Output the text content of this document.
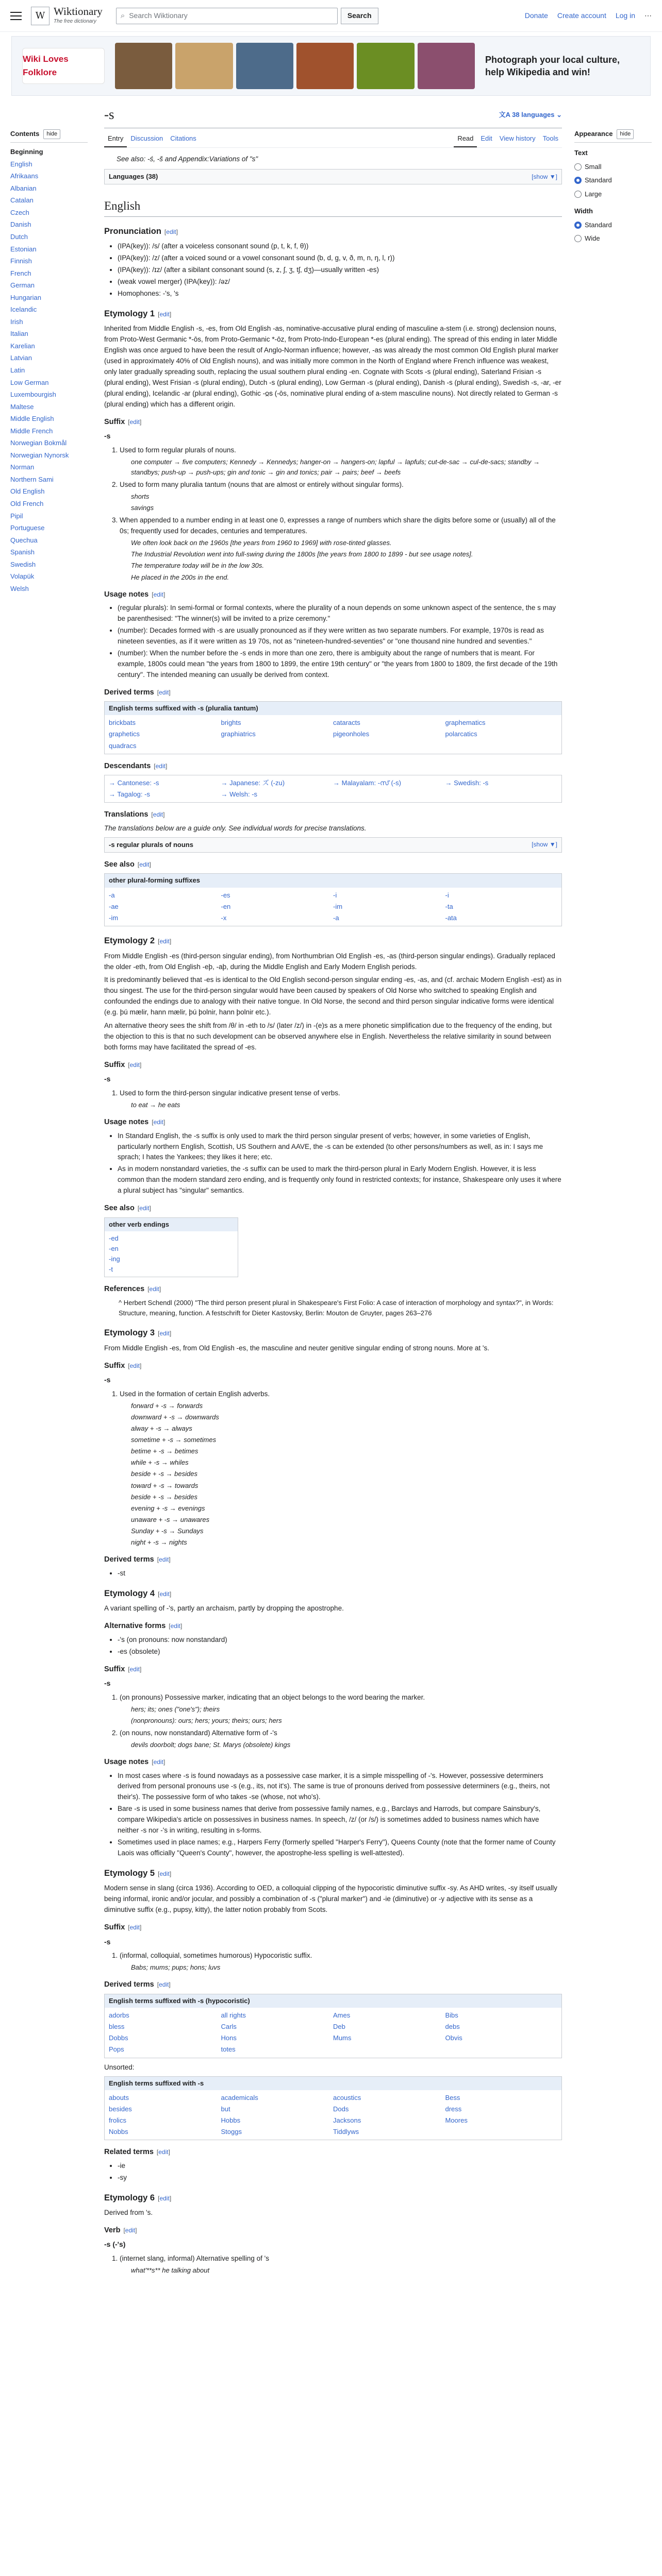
W Wiktionary
The free dictionary
⌕ Search Wiktionary	Search	Donate Create account Log in ⋯
Wiki Loves Folklore
Photograph your local culture, help Wikipedia and win!
Contents	hide
Beginning
English
Afrikaans
Albanian
Catalan
Czech
Danish
Dutch
Estonian
Finnish
French
German
Hungarian
Icelandic
Irish
Italian
Karelian
Latvian
Latin
Low German
Luxembourgish
Maltese
Middle English
Middle French
Norwegian Bokmål
Norwegian Nynorsk
Norman
Northern Sami
Old English
Old French
Pipil
Portuguese
Quechua
Spanish
Swedish
Volapük
Welsh
-s	文A 38 languages ⌄
Entry	Discussion	Citations	Read	Edit	View history	Tools
See also: -ś, -š and Appendix:Variations of "s"
Languages (38)	[show ▼]
English
Pronunciation [edit]
• (IPA(key)): /s/ (after a voiceless consonant sound (p, t, k, f, θ))
• (IPA(key)): /z/ (after a voiced sound or a vowel consonant sound (b, d, ɡ, v, ð, m, n, ŋ, l, r))
• (IPA(key)): /ɪz/ (after a sibilant consonant sound (s, z, ʃ, ʒ, tʃ, dʒ)—usually written -es)
• (weak vowel merger) (IPA(key)): /əz/
• Homophones: -'s, 's
Etymology 1 [edit]

Inherited from Middle English -s, -es, from Old English -as, nominative-accusative plural ending of masculine a-stem (i.e. strong) declension nouns, from Proto-West Germanic *-ōs, from Proto-Germanic *-ōz, from Proto-Indo-European *-es (plural ending). The spread of this ending in later Middle English was once argued to have been the result of Anglo-Norman influence; however, -as was already the most common Old English plural marker (used in approximately 40% of Old English nouns), and was initially more common in the North of England where French influence was weakest, only later gradually spreading south, replacing the usual southern plural ending -en. Cognate with Scots -s (plural ending), Saterland Frisian -s (plural ending), West Frisian -s (plural ending), Dutch -s (plural ending), Low German -s (plural ending), Danish -s (plural ending), Swedish -s, -ar, -er (plural ending), Icelandic -ar (plural ending), Gothic -𐍉𐍃 (-ōs, nominative plural ending of a-stem masculine nouns). Not directly related to German -s (plural ending) which has a different origin.

Suffix [edit]
-s
1. Used to form regular plurals of nouns.
one computer → five computers; Kennedy → Kennedys; hanger-on → hangers-on; lapful → lapfuls; cut-de-sac → cul-de-sacs; standby → standbys; push-up → push-ups; gin and tonic → gin and tonics; pair → pairs; beef → beefs
2. Used to form many pluralia tantum (nouns that are almost or entirely without singular forms).
shorts
savings
3. When appended to a number ending in at least one 0, expresses a range of numbers which share the digits before some or (usually) all of the 0s; frequently used for decades, centuries and temperatures.
We often look back on the 1960s [the years from 1960 to 1969] with rose-tinted glasses.
The Industrial Revolution went into full-swing during the 1800s [the years from 1800 to 1899 - but see usage notes].
The temperature today will be in the low 30s.
He placed in the 200s in the end.
Usage notes [edit]
• (regular plurals): In semi-formal or formal contexts, where the plurality of a noun depends on some unknown aspect of the sentence, the s may be parenthesised: "The winner(s) will be invited to a prize ceremony."
• (number): Decades formed with -s are usually pronounced as if they were written as two separate numbers. For example, 1970s is read as nineteen seventies, as if it were written as 19 70s, not as "nineteen-hundred-seventies" or "one thousand nine hundred and seventies."
• (number): When the number before the -s ends in more than one zero, there is ambiguity about the range of numbers that is meant. For example, 1800s could mean "the years from 1800 to 1899, the entire 19th century" or "the years from 1800 to 1809, the first decade of the 19th century". The intended meaning can usually be derived from context.
Derived terms [edit]
English terms suffixed with -s (pluralia tantum)
brickbats	brights	cataracts	graphematics
graphetics	graphiatrics	pigeonholes	polarcatics
quadracs
Descendants [edit]
→ Cantonese: -s	→ Japanese: ズ (-zu)	→ Malayalam: -സ് (-s)	→ Swedish: -s
→ Tagalog: -s	→ Welsh: -s
Translations [edit]

The translations below are a guide only. See individual words for precise translations.

-s regular plurals of nouns	[show ▼]
See also [edit]
other plural-forming suffixes
-a	-es	-i	-i
-ae	-en	-im	-ta
-im	-x	-a	-ata
Etymology 2 [edit]

From Middle English -es (third-person singular ending), from Northumbrian Old English -es, -as (third-person singular endings). Gradually replaced the older -eth, from Old English -eþ, -aþ, during the Middle English and Early Modern English periods.

It is predominantly believed that -es is identical to the Old English second-person singular ending -es, -as, and (cf. archaic Modern English -est) as in thou singest. The use for the third-person singular would have been caused by speakers of Old Norse who switched to speaking English and confounded the endings due to analogy with their native tongue. In Old Norse, the second and third person singular indicative forms were identical (e.g. þú mælir, hann mælir, þú þolnir, hann þolnir etc.).

An alternative theory sees the shift from /θ/ in -eth to /s/ (later /z/) in -(e)s as a mere phonetic simplification due to the frequency of the ending, but the objection to this is that no such development can be observed anywhere else in English. Nevertheless the relative similarity in sound between both forms may have facilitated the spread of -es.

Suffix [edit]
-s
1. Used to form the third-person singular indicative present tense of verbs.
to eat → he eats
Usage notes [edit]
• In Standard English, the -s suffix is only used to mark the third person singular present of verbs; however, in some varieties of English, particularly northern English, Scottish, US Southern and AAVE, the -s can be extended (to other persons/numbers as well, as in: I says me sprach; I hates the Yankees; they likes it here; etc.
• As in modern nonstandard varieties, the -s suffix can be used to mark the third-person plural in Early Modern English. However, it is less common than the modern standard zero ending, and is frequently only found in restricted contexts; for instance, Shakespeare only uses it where a plural subject has "singular" semantics.
See also [edit]
other verb endings
-ed
-en
-ing
-t
References [edit]

^ Herbert Schendl (2000) "The third person present plural in Shakespeare's First Folio: A case of interaction of morphology and syntax?", in Words: Structure, meaning, function. A festschrift for Dieter Kastovsky, Berlin: Mouton de Gruyter, pages 263–276

Etymology 3 [edit]

From Middle English -es, from Old English -es, the masculine and neuter genitive singular ending of strong nouns. More at 's.

Suffix [edit]
-s
1. Used in the formation of certain English adverbs.
forward + -s → forwards
downward + -s → downwards
alway + -s → always
sometime + -s → sometimes
betime + -s → betimes
while + -s → whiles
beside + -s → besides
toward + -s → towards
beside + -s → besides
evening + -s → evenings
unaware + -s → unawares
Sunday + -s → Sundays
night + -s → nights
Derived terms [edit]
• -st
Etymology 4 [edit]

A variant spelling of -'s, partly an archaism, partly by dropping the apostrophe.

Alternative forms [edit]
• -'s (on pronouns: now nonstandard)
• -es (obsolete)
Suffix [edit]
-s
1. (on pronouns) Possessive marker, indicating that an object belongs to the word bearing the marker.
hers; its; ones ("one's"); theirs
(nonpronouns): ours; hers; yours; theirs; ours; hers
2. (on nouns, now nonstandard) Alternative form of -'s
devils doorbolt; dogs bane; St. Marys (obsolete) kings
Usage notes [edit]
• In most cases where -s is found nowadays as a possessive case marker, it is a simple misspelling of -'s. However, possessive determiners derived from personal pronouns use -s (e.g., its, not it's). The same is true of pronouns derived from possessive determiners (e.g., theirs, not their's). The possessive form of who takes -se (whose, not who's).
• Bare -s is used in some business names that derive from possessive family names, e.g., Barclays and Harrods, but compare Sainsbury's, compare Wikipedia's article on possessives in business names. In speech, /z/ (or /s/) is sometimes added to business names which have neither -s nor -'s in writing, resulting in s-forms.
• Sometimes used in place names; e.g., Harpers Ferry (formerly spelled "Harper's Ferry"), Queens County (note that the former name of County Laois was officially "Queen's County", however, the apostrophe-less spelling is well-attested).
Etymology 5 [edit]

Modern sense in slang (circa 1936). According to OED, a colloquial clipping of the hypocoristic diminutive suffix -sy. As AHD writes, -sy itself usually being informal, ironic and/or jocular, and possibly a combination of -s ("plural marker") and -ie (diminutive) or -y adjective with its sense as a diminutive suffix (e.g., pupsy, kitty), the latter notion probably from Scots.

Suffix [edit]
-s
1. (informal, colloquial, sometimes humorous) Hypocoristic suffix.
Babs; mums; pups; hons; luvs
Derived terms [edit]
English terms suffixed with -s (hypocoristic)
adorbs	all rights	Ames	Bibs
bless	Carls	Deb	debs
Dobbs	Hons	Mums	Obvis
Pops	totes

Unsorted:

English terms suffixed with -s
abouts	academicals	acoustics	Bess
besides	but	Dods	dress
frolics	Hobbs	Jacksons	Moores
Nobbs	Stoggs	Tiddlyws
Related terms [edit]
• -ie
• -sy
Etymology 6 [edit]

Derived from 's.

Verb [edit]
-s (-'s)
1. (internet slang, informal) Alternative spelling of 's
what'**s** he talking about
Appearance	hide
Text
Small
Standard
Large
Width
Standard
Wide
